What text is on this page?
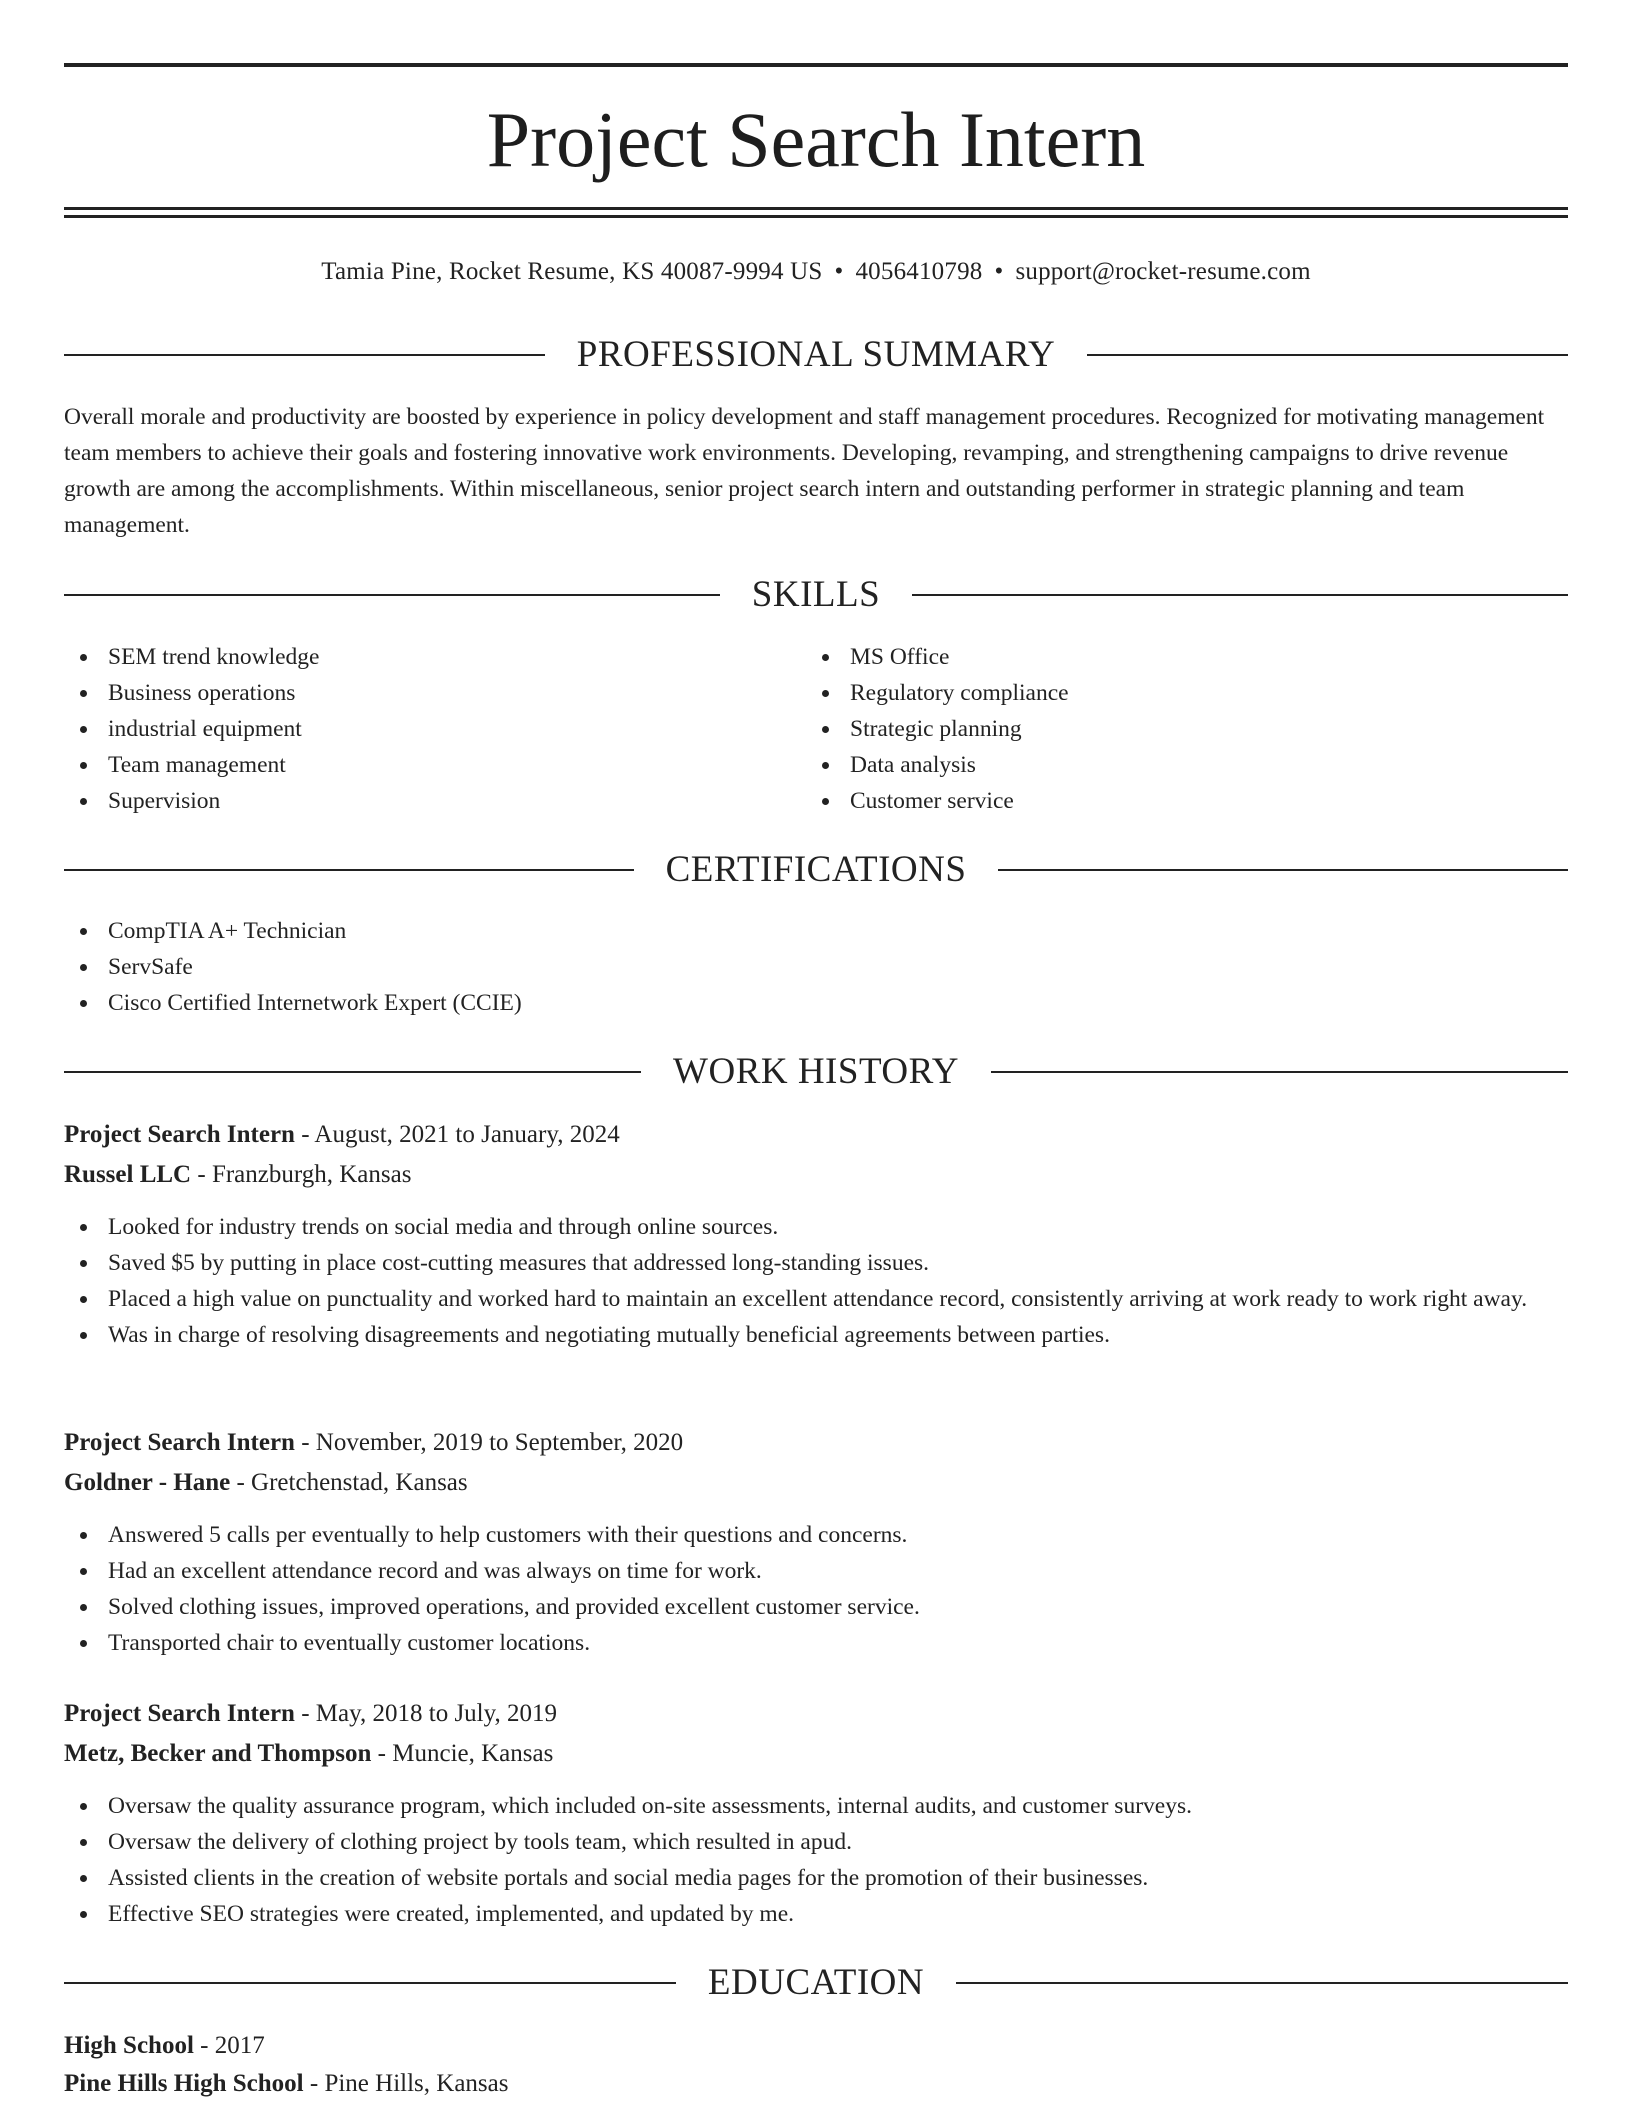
Project Search Intern
Tamia Pine, Rocket Resume, KS 40087-9994 US • 4056410798 • support@rocket-resume.com
PROFESSIONAL SUMMARY
Overall morale and productivity are boosted by experience in policy development and staff management procedures. Recognized for motivating management team members to achieve their goals and fostering innovative work environments. Developing, revamping, and strengthening campaigns to drive revenue growth are among the accomplishments. Within miscellaneous, senior project search intern and outstanding performer in strategic planning and team management.
SKILLS
SEM trend knowledge
Business operations
industrial equipment
Team management
Supervision
MS Office
Regulatory compliance
Strategic planning
Data analysis
Customer service
CERTIFICATIONS
CompTIA A+ Technician
ServSafe
Cisco Certified Internetwork Expert (CCIE)
WORK HISTORY
Project Search Intern - August, 2021 to January, 2024
Russel LLC - Franzburgh, Kansas
Looked for industry trends on social media and through online sources.
Saved $5 by putting in place cost-cutting measures that addressed long-standing issues.
Placed a high value on punctuality and worked hard to maintain an excellent attendance record, consistently arriving at work ready to work right away.
Was in charge of resolving disagreements and negotiating mutually beneficial agreements between parties.
Project Search Intern - November, 2019 to September, 2020
Goldner - Hane - Gretchenstad, Kansas
Answered 5 calls per eventually to help customers with their questions and concerns.
Had an excellent attendance record and was always on time for work.
Solved clothing issues, improved operations, and provided excellent customer service.
Transported chair to eventually customer locations.
Project Search Intern - May, 2018 to July, 2019
Metz, Becker and Thompson - Muncie, Kansas
Oversaw the quality assurance program, which included on-site assessments, internal audits, and customer surveys.
Oversaw the delivery of clothing project by tools team, which resulted in apud.
Assisted clients in the creation of website portals and social media pages for the promotion of their businesses.
Effective SEO strategies were created, implemented, and updated by me.
EDUCATION
High School - 2017
Pine Hills High School - Pine Hills, Kansas
